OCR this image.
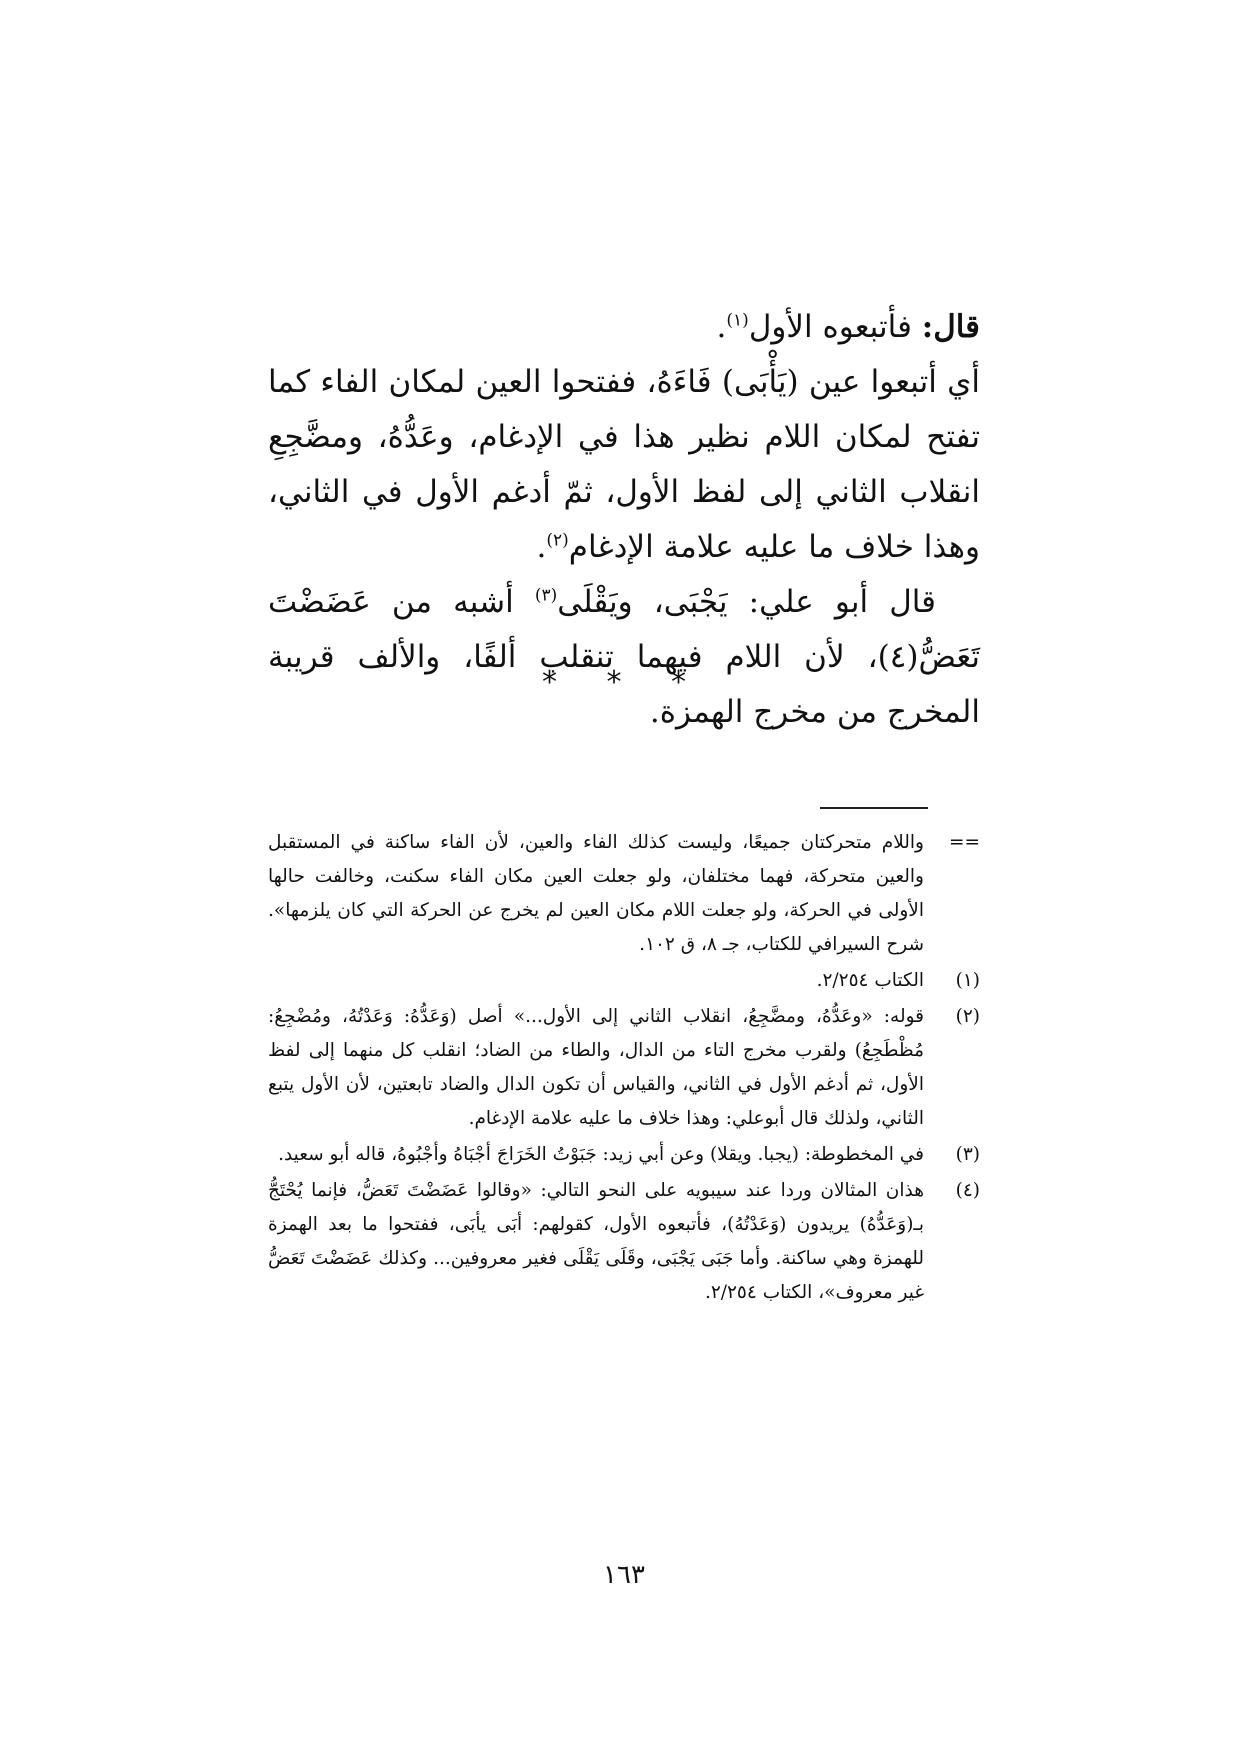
قال: فأتبعوه الأول$^{(١)}$.

أي أتبعوا عين (يَأْبَى) فَاءَهُ، ففتحوا العين لمكان الفاء كما تفتح لمكان اللام نظير هذا في الإدغام، وعَدُّهُ، ومضَّجِعِ انقلاب الثاني إلى لفظ الأول، ثمّ أدغم الأول في الثاني، وهذا خلاف ما عليه علامة الإدغام$^{(٢)}$.

قال أبو علي: يَجْبَى، ويَقْلَى$^{(٣)}$ أشبه من عَضَضْتَ تَعَضُّ(٤)، لأن اللام فيهما تنقلب ألفًا، والألف قريبة المخرج من مخرج الهمزة.

* * *
==
واللام متحركتان جميعًا، وليست كذلك الفاء والعين، لأن الفاء ساكنة في المستقبل والعين متحركة، فهما مختلفان، ولو جعلت العين مكان الفاء سكنت، وخالفت حالها الأولى في الحركة، ولو جعلت اللام مكان العين لم يخرج عن الحركة التي كان يلزمها». شرح السيرافي للكتاب، جـ ٨، ق ١٠٢.
(١)
الكتاب ٢/٢٥٤.
(٢)
قوله: «وعَدُّهُ، ومضَّجِعُ، انقلاب الثاني إلى الأول...» أصل (وَعَدُّهُ: وَعَدْتُهُ، ومُضْجِعُ: مُظْطَجِعُ) ولقرب مخرج التاء من الدال، والطاء من الضاد؛ انقلب كل منهما إلى لفظ الأول، ثم أدغم الأول في الثاني، والقياس أن تكون الدال والضاد تابعتين، لأن الأول يتبع الثاني، ولذلك قال أبوعلي: وهذا خلاف ما عليه علامة الإدغام.
(٣)
في المخطوطة: (يجبا. ويقلا) وعن أبي زيد: جَبَوْتُ الخَرَاجَ أجْبَاهُ وأجْبُوهُ، قاله أبو سعيد.
(٤)
هذان المثالان وردا عند سيبويه على النحو التالي: «وقالوا عَضَضْتَ تَعَضُّ، فإنما يُحْتَجُّ بـ(وَعَدُّهُ) يريدون (وَعَدْتُهُ)، فأتبعوه الأول، كقولهم: أبَى يأبَى، ففتحوا ما بعد الهمزة للهمزة وهي ساكنة. وأما جَبَى يَجْبَى، وقَلَى يَقْلَى فغير معروفين... وكذلك عَضَضْتَ تَعَضُّ غير معروف»، الكتاب ٢/٢٥٤.
١٦٣
